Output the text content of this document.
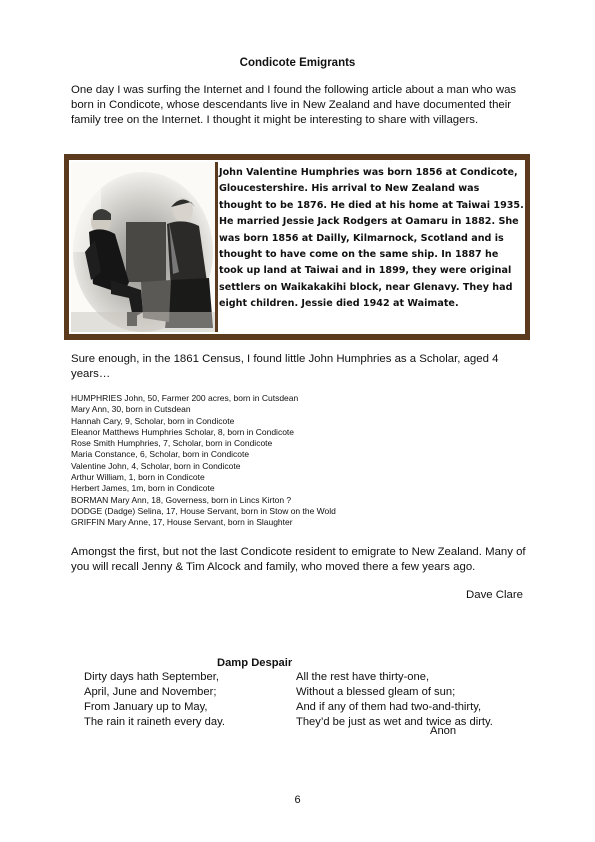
Condicote Emigrants
One day I was surfing the Internet and I found the following article about a man who was born in Condicote, whose descendants live in New Zealand and have documented their family tree on the Internet. I thought it might be interesting to share with villagers.
John Valentine Humphries was born 1856 at Condicote, Gloucestershire. His arrival to New Zealand was thought to be 1876. He died at his home at Taiwai 1935. He married Jessie Jack Rodgers at Oamaru in 1882. She was born 1856 at Dailly, Kilmarnock, Scotland and is thought to have come on the same ship. In 1887 he took up land at Taiwai and in 1899, they were original settlers on Waikakakihi block, near Glenavy. They had eight children. Jessie died 1942 at Waimate.
Sure enough, in the 1861 Census, I found little John Humphries as a Scholar, aged 4 years…
HUMPHRIES John, 50, Farmer 200 acres, born in Cutsdean
Mary Ann, 30, born in Cutsdean
Hannah Cary, 9, Scholar, born in Condicote
Eleanor Matthews Humphries Scholar, 8, born in Condicote
Rose Smith Humphries, 7, Scholar, born in Condicote
Maria Constance, 6, Scholar, born in Condicote
Valentine John, 4, Scholar, born in Condicote
Arthur William, 1, born in Condicote
Herbert James, 1m, born in Condicote
BORMAN Mary Ann, 18, Governess, born in Lincs Kirton ?
DODGE (Dadge) Selina, 17, House Servant, born in Stow on the Wold
GRIFFIN Mary Anne, 17, House Servant, born in Slaughter
Amongst the first, but not the last Condicote resident to emigrate to New Zealand. Many of you will recall Jenny & Tim Alcock and family, who moved there a few years ago.
Dave Clare
Damp Despair
Dirty days hath September,
April, June and November;
From January up to May,
The rain it raineth every day.
All the rest have thirty-one,
Without a blessed gleam of sun;
And if any of them had two-and-thirty,
They’d be just as wet and twice as dirty.
Anon
6
